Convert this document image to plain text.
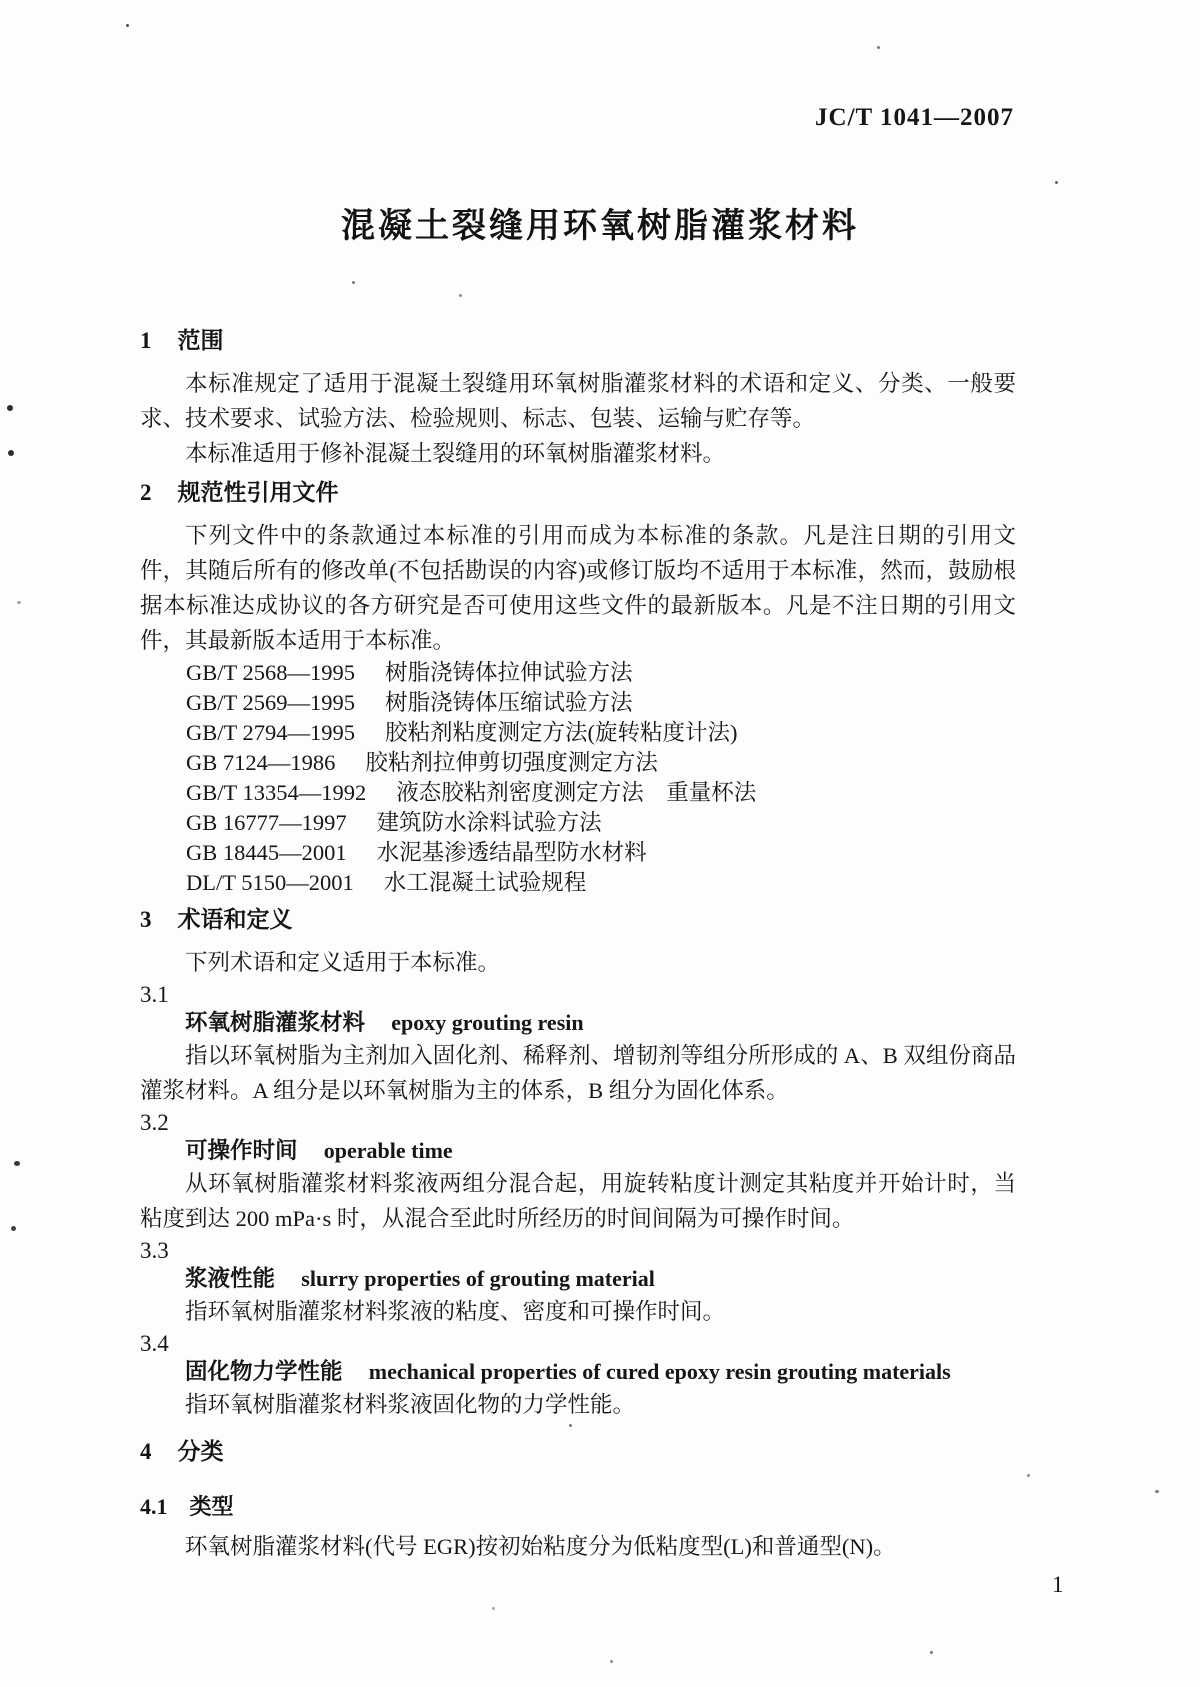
JC/T 1041—2007
混凝土裂缝用环氧树脂灌浆材料
1 范围

本标准规定了适用于混凝土裂缝用环氧树脂灌浆材料的术语和定义、分类、一般要求、技术要求、试验方法、检验规则、标志、包装、运输与贮存等。

本标准适用于修补混凝土裂缝用的环氧树脂灌浆材料。

2 规范性引用文件

下列文件中的条款通过本标准的引用而成为本标准的条款。凡是注日期的引用文件，其随后所有的修改单(不包括勘误的内容)或修订版均不适用于本标准，然而，鼓励根据本标准达成协议的各方研究是否可使用这些文件的最新版本。凡是不注日期的引用文件，其最新版本适用于本标准。

GB/T 2568—1995 树脂浇铸体拉伸试验方法
GB/T 2569—1995 树脂浇铸体压缩试验方法
GB/T 2794—1995 胶粘剂粘度测定方法(旋转粘度计法)
GB 7124—1986 胶粘剂拉伸剪切强度测定方法
GB/T 13354—1992 液态胶粘剂密度测定方法　重量杯法
GB 16777—1997 建筑防水涂料试验方法
GB 18445—2001 水泥基渗透结晶型防水材料
DL/T 5150—2001 水工混凝土试验规程
3 术语和定义

下列术语和定义适用于本标准。

3.1
环氧树脂灌浆材料 epoxy grouting resin

指以环氧树脂为主剂加入固化剂、稀释剂、增韧剂等组分所形成的 A、B 双组份商品灌浆材料。A 组分是以环氧树脂为主的体系，B 组分为固化体系。

3.2
可操作时间 operable time

从环氧树脂灌浆材料浆液两组分混合起，用旋转粘度计测定其粘度并开始计时，当粘度到达 200 mPa·s 时，从混合至此时所经历的时间间隔为可操作时间。

3.3
浆液性能 slurry properties of grouting material

指环氧树脂灌浆材料浆液的粘度、密度和可操作时间。

3.4
固化物力学性能 mechanical properties of cured epoxy resin grouting materials

指环氧树脂灌浆材料浆液固化物的力学性能。

4 分类
4.1 类型

环氧树脂灌浆材料(代号 EGR)按初始粘度分为低粘度型(L)和普通型(N)。

1
